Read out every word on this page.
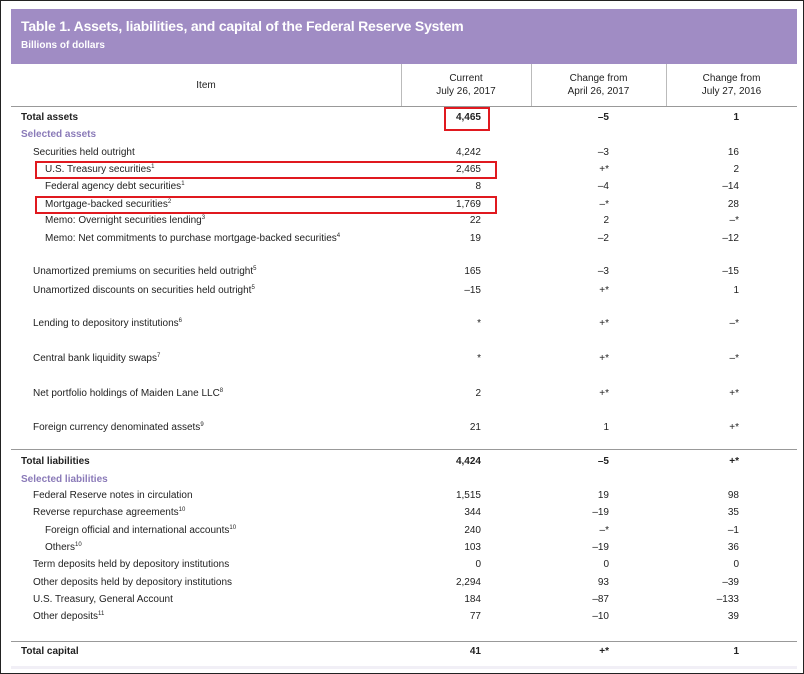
Table 1. Assets, liabilities, and capital of the Federal Reserve System
Billions of dollars
Item
Current
July 26, 2017
Change from
April 26, 2017
Change from
July 27, 2016
Total assets	4,465	–5	1
Selected assets
Securities held outright	4,242	–3	16
U.S. Treasury securities$^1$	2,465	+*	2
Federal agency debt securities$^1$	8	–4	–14
Mortgage-backed securities$^2$	1,769	–*	28
Memo: Overnight securities lending$^3$	22	2	–*
Memo: Net commitments to purchase mortgage-backed securities$^4$	19	–2	–12
Unamortized premiums on securities held outright$^5$	165	–3	–15
Unamortized discounts on securities held outright$^5$	–15	+*	1
Lending to depository institutions$^6$	*	+*	–*
Central bank liquidity swaps$^7$	*	+*	–*
Net portfolio holdings of Maiden Lane LLC$^8$	2	+*	+*
Foreign currency denominated assets$^9$	21	1	+*
Total liabilities	4,424	–5	+*
Selected liabilities
Federal Reserve notes in circulation	1,515	19	98
Reverse repurchase agreements$^{10}$	344	–19	35
Foreign official and international accounts$^{10}$	240	–*	–1
Others$^{10}$	103	–19	36
Term deposits held by depository institutions	0	0	0
Other deposits held by depository institutions	2,294	93	–39
U.S. Treasury, General Account	184	–87	–133
Other deposits$^{11}$	77	–10	39
Total capital	41	+*	1
